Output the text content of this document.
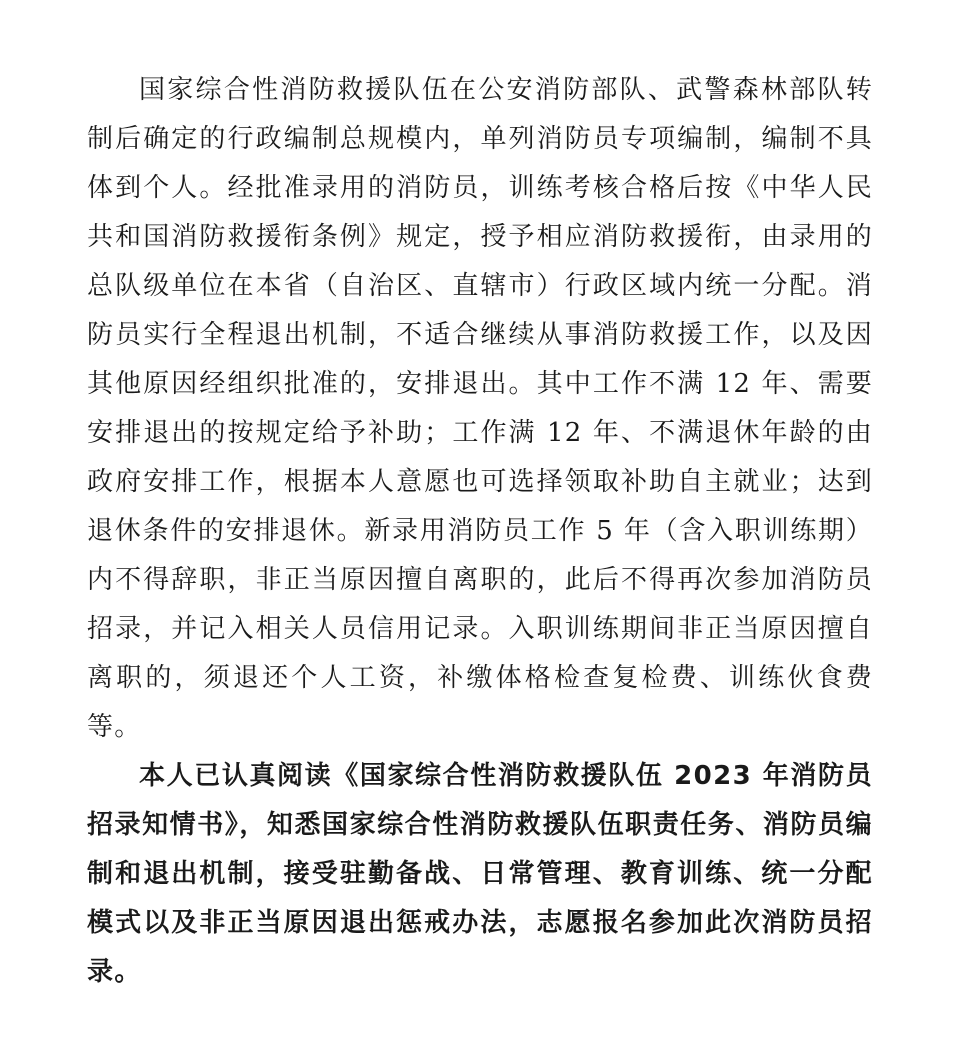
国家综合性消防救援队伍在公安消防部队、武警森林部队转制后确定的行政编制总规模内，单列消防员专项编制，编制不具体到个人。经批准录用的消防员，训练考核合格后按《中华人民共和国消防救援衔条例》规定，授予相应消防救援衔，由录用的总队级单位在本省（自治区、直辖市）行政区域内统一分配。消防员实行全程退出机制，不适合继续从事消防救援工作，以及因其他原因经组织批准的，安排退出。其中工作不满 12 年、需要安排退出的按规定给予补助；工作满 12 年、不满退休年龄的由政府安排工作，根据本人意愿也可选择领取补助自主就业；达到退休条件的安排退休。新录用消防员工作 5 年（含入职训练期）内不得辞职，非正当原因擅自离职的，此后不得再次参加消防员招录，并记入相关人员信用记录。入职训练期间非正当原因擅自离职的，须退还个人工资，补缴体格检查复检费、训练伙食费等。

本人已认真阅读《国家综合性消防救援队伍 2023 年消防员招录知情书》，知悉国家综合性消防救援队伍职责任务、消防员编制和退出机制，接受驻勤备战、日常管理、教育训练、统一分配模式以及非正当原因退出惩戒办法，志愿报名参加此次消防员招录。
